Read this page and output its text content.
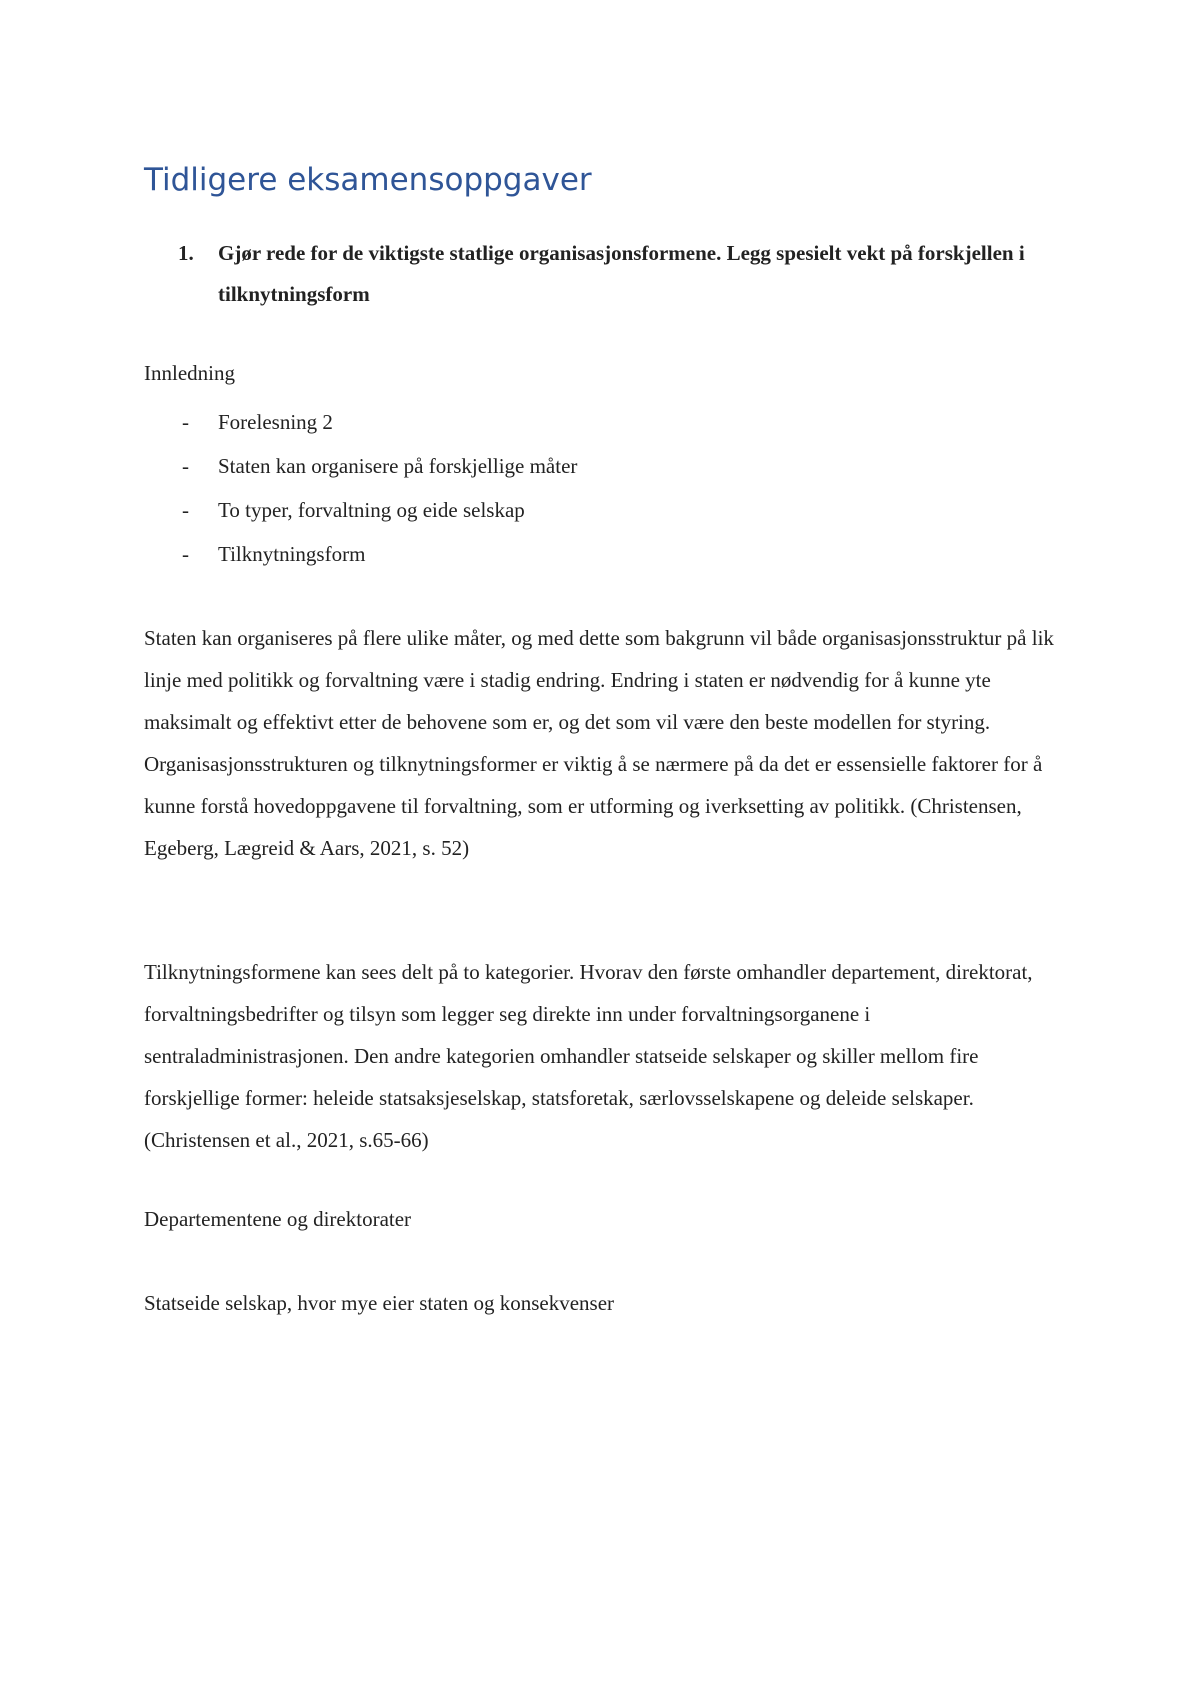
Tidligere eksamensoppgaver
1.	Gjør rede for de viktigste statlige organisasjonsformene. Legg spesielt vekt på forskjellen i tilknytningsform
Innledning
-	Forelesning 2
-	Staten kan organisere på forskjellige måter
-	To typer, forvaltning og eide selskap
-	Tilknytningsform

Staten kan organiseres på flere ulike måter, og med dette som bakgrunn vil både organisasjonsstruktur på lik linje med politikk og forvaltning være i stadig endring. Endring i staten er nødvendig for å kunne yte maksimalt og effektivt etter de behovene som er, og det som vil være den beste modellen for styring. Organisasjonsstrukturen og tilknytningsformer er viktig å se nærmere på da det er essensielle faktorer for å kunne forstå hovedoppgavene til forvaltning, som er utforming og iverksetting av politikk. (Christensen, Egeberg, Lægreid & Aars, 2021, s. 52)

Tilknytningsformene kan sees delt på to kategorier. Hvorav den første omhandler departement, direktorat, forvaltningsbedrifter og tilsyn som legger seg direkte inn under forvaltningsorganene i sentraladministrasjonen. Den andre kategorien omhandler statseide selskaper og skiller mellom fire forskjellige former: heleide statsaksjeselskap, statsforetak, særlovsselskapene og deleide selskaper. (Christensen et al., 2021, s.65-66)

Departementene og direktorater
Statseide selskap, hvor mye eier staten og konsekvenser
